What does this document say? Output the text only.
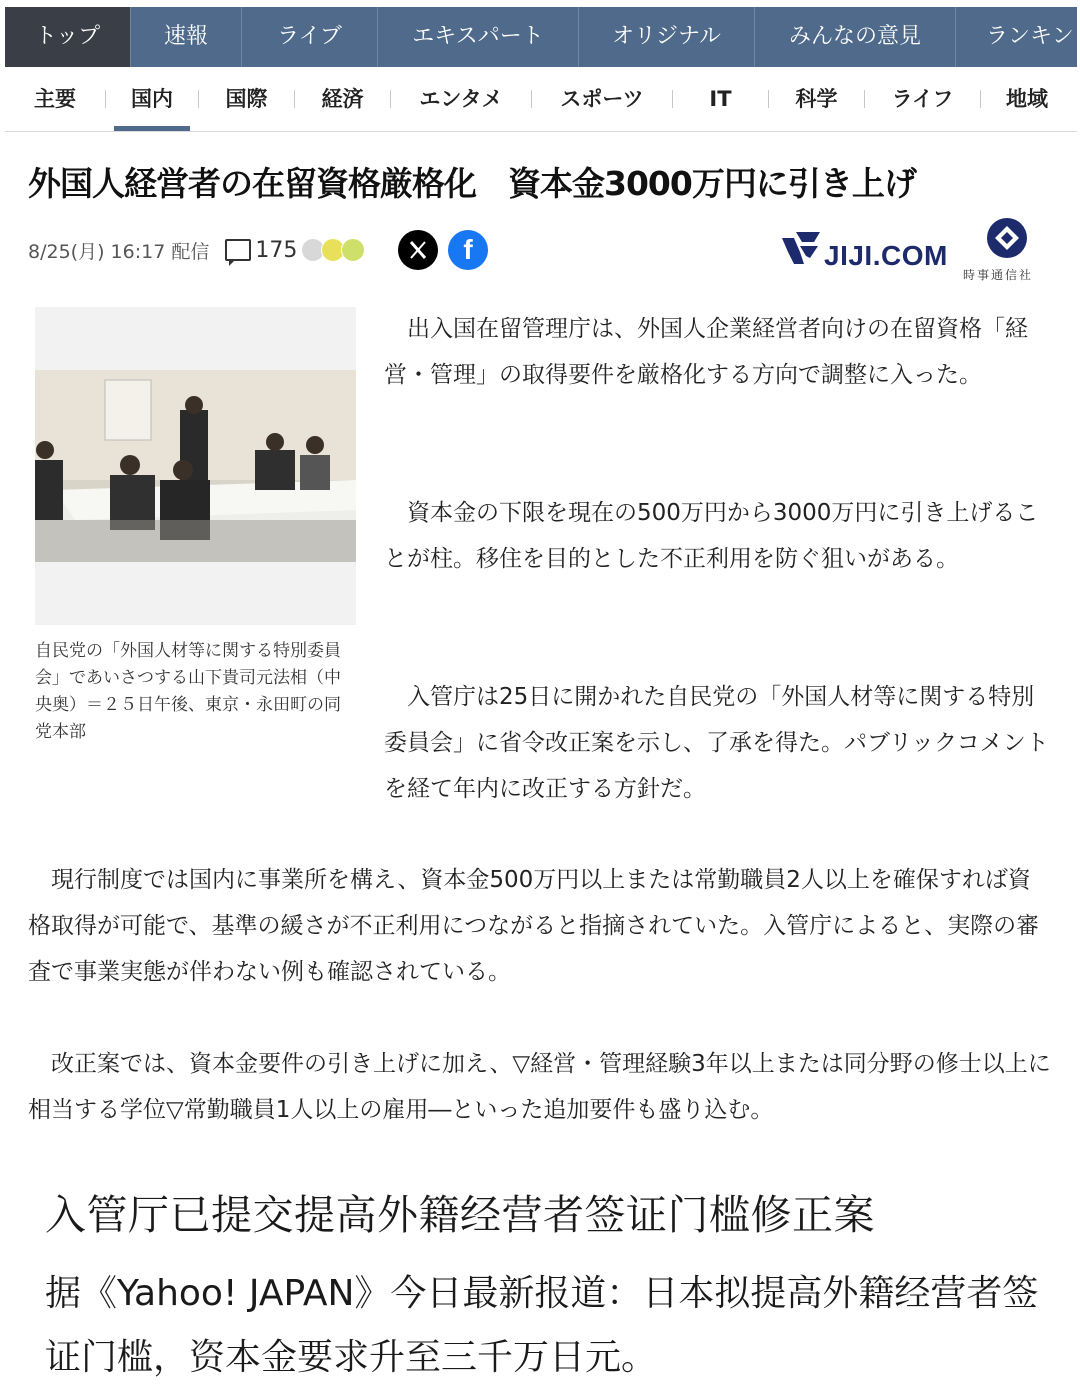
トップ	速報	ライブ	エキスパート	オリジナル	みんなの意見	ランキン
主要	国内	国際	経済	エンタメ	スポーツ	IT	科学	ライフ	地域
外国人経営者の在留資格厳格化　資本金3000万円に引き上げ
8/25(月) 16:17 配信 175	f	JIJI.COM
時事通信社
自民党の「外国人材等に関する特別委員会」であいさつする山下貴司元法相（中央奥）＝２５日午後、東京・永田町の同党本部
出入国在留管理庁は、外国人企業経営者向けの在留資格「経営・管理」の取得要件を厳格化する方向で調整に入った。
資本金の下限を現在の500万円から3000万円に引き上げることが柱。移住を目的とした不正利用を防ぐ狙いがある。
入管庁は25日に開かれた自民党の「外国人材等に関する特別委員会」に省令改正案を示し、了承を得た。パブリックコメントを経て年内に改正する方針だ。
現行制度では国内に事業所を構え、資本金500万円以上または常勤職員2人以上を確保すれば資格取得が可能で、基準の緩さが不正利用につながると指摘されていた。入管庁によると、実際の審査で事業実態が伴わない例も確認されている。
改正案では、資本金要件の引き上げに加え、▽経営・管理経験3年以上または同分野の修士以上に相当する学位▽常勤職員1人以上の雇用―といった追加要件も盛り込む。
入管厅已提交提高外籍经营者签证门槛修正案
据《Yahoo! JAPAN》今日最新报道：日本拟提高外籍经营者签证门槛，资本金要求升至三千万日元。
